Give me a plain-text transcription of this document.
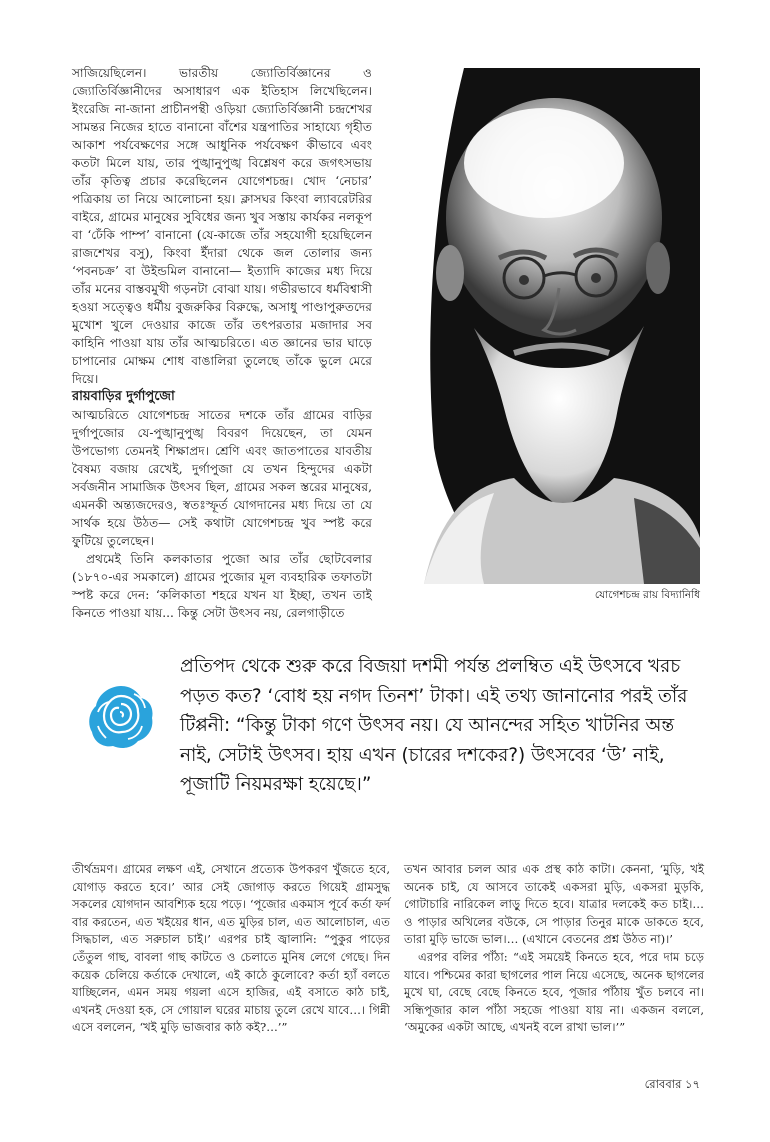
সাজিয়েছিলেন। ভারতীয় জ্যোতির্বিজ্ঞানের ও জ্যোতির্বিজ্ঞানীদের অসাধারণ এক ইতিহাস লিখেছিলেন। ইংরেজি না-জানা প্রাচীনপন্থী ওড়িয়া জ্যোতির্বিজ্ঞানী চন্দ্রশেখর সামন্তর নিজের হাতে বানানো বাঁশের যন্ত্রপাতির সাহায্যে গৃহীত আকাশ পর্যবেক্ষণের সঙ্গে আধুনিক পর্যবেক্ষণ কীভাবে এবং কতটা মিলে যায়, তার পুঙ্খানুপুঙ্খ বিশ্লেষণ করে জগৎসভায় তাঁর কৃতিত্ব প্রচার করেছিলেন যোগেশচন্দ্র। খোদ ‘নেচার’ পত্রিকায় তা নিয়ে আলোচনা হয়। ক্লাসঘর কিংবা ল্যাবরেটরির বাইরে, গ্রামের মানুষের সুবিধের জন্য খুব সস্তায় কার্যকর নলকূপ বা ‘ঢেঁকি পাম্প’ বানানো (যে-কাজে তাঁর সহযোগী হয়েছিলেন রাজশেখর বসু), কিংবা ইঁদারা থেকে জল তোলার জন্য ‘পবনচক্র’ বা উইন্ডমিল বানানো— ইত্যাদি কাজের মধ্য দিয়ে তাঁর মনের বাস্তবমুখী গড়নটা বোঝা যায়। গভীরভাবে ধর্মবিশ্বাসী হওয়া সত্ত্বেও ধর্মীয় বুজরুকির বিরুদ্ধে, অসাধু পাণ্ডাপুরুতদের মুখোশ খুলে দেওয়ার কাজে তাঁর তৎপরতার মজাদার সব কাহিনি পাওয়া যায় তাঁর আত্মচরিতে। এত জ্ঞানের ভার ঘাড়ে চাপানোর মোক্ষম শোধ বাঙালিরা তুলেছে তাঁকে ভুলে মেরে দিয়ে।

রায়বাড়ির দুর্গাপুজো

আত্মচরিতে যোগেশচন্দ্র সাতের দশকে তাঁর গ্রামের বাড়ির দুর্গাপুজোর যে-পুঙ্খানুপুঙ্খ বিবরণ দিয়েছেন, তা যেমন উপভোগ্য তেমনই শিক্ষাপ্রদ। শ্রেণি এবং জাতপাতের যাবতীয় বৈষম্য বজায় রেখেই, দুর্গাপুজা যে তখন হিন্দুদের একটা সর্বজনীন সামাজিক উৎসব ছিল, গ্রামের সকল স্তরের মানুষের, এমনকী অন্ত্যজদেরও, স্বতঃস্ফূর্ত যোগদানের মধ্য দিয়ে তা যে সার্থক হয়ে উঠত— সেই কথাটা যোগেশচন্দ্র খুব স্পষ্ট করে ফুটিয়ে তুলেছেন।

প্রথমেই তিনি কলকাতার পুজো আর তাঁর ছোটবেলার (১৮৭০-এর সমকালে) গ্রামের পুজোর মূল ব্যবহারিক তফাতটা স্পষ্ট করে দেন: ‘কলিকাতা শহরে যখন যা ইচ্ছা, তখন তাই কিনতে পাওয়া যায়... কিন্তু সেটা উৎসব নয়, রেলগাড়ীতে

যোগেশচন্দ্র রায় বিদ্যানিধি

প্রতিপদ থেকে শুরু করে বিজয়া দশমী পর্যন্ত প্রলম্বিত এই উৎসবে খরচ পড়ত কত? ‘বোধ হয় নগদ তিনশ’ টাকা। এই তথ্য জানানোর পরই তাঁর টিপ্পনী: “কিন্তু টাকা গণে উৎসব নয়। যে আনন্দের সহিত খাটনির অন্ত নাই, সেটাই উৎসব। হায় এখন (চারের দশকের?) উৎসবের ‘উ’ নাই, পূজাটি নিয়মরক্ষা হয়েছে।”

তীর্থভ্রমণ। গ্রামের লক্ষণ এই, সেখানে প্রত্যেক উপকরণ খুঁজতে হবে, যোগাড় করতে হবে।’ আর সেই জোগাড় করতে গিয়েই গ্রামসুদ্ধ সকলের যোগদান আবশ্যিক হয়ে পড়ে। ‘পূজোর একমাস পূর্বে কর্তা ফর্দ বার করতেন, এত খইয়ের ধান, এত মুড়ির চাল, এত আলোচাল, এত সিদ্ধচাল, এত সরুচাল চাই।’ এরপর চাই জ্বালানি: “পুকুর পাড়ের তেঁতুল গাছ, বাবলা গাছ কাটতে ও চেলাতে মুনিষ লেগে গেছে। দিন কয়েক চেলিয়ে কর্তাকে দেখালে, এই কাঠে কুলোবে? কর্তা হ্যাঁ বলতে যাচ্ছিলেন, এমন সময় গয়লা এসে হাজির, এই বসাতে কাঠ চাই, এখনই দেওয়া হক, সে গোয়াল ঘরের মাচায় তুলে রেখে যাবে…। গিন্নী এসে বললেন, ‘খই মুড়ি ভাজবার কাঠ কই?…’”

তখন আবার চলল আর এক প্রস্থ কাঠ কাটা। কেননা, ‘মুড়ি, খই অনেক চাই, যে আসবে তাকেই একসরা মুড়ি, একসরা মুড়কি, গোটাচারি নারিকেল লাড়ু দিতে হবে। যাত্রার দলকেই কত চাই।… ও পাড়ার অখিলের বউকে, সে পাড়ার তিনুর মাকে ডাকতে হবে, তারা মুড়ি ভাজে ভাল।… (এখানে বেতনের প্রশ্ন উঠত না)।’

এরপর বলির পাঁঠা: “এই সময়েই কিনতে হবে, পরে দাম চড়ে যাবে। পশ্চিমের কারা ছাগলের পাল নিয়ে এসেছে, অনেক ছাগলের মুখে ঘা, বেছে বেছে কিনতে হবে, পূজার পাঁঠায় খুঁত চলবে না। সন্ধিপূজার কাল পাঁঠা সহজে পাওয়া যায় না। একজন বললে, ‘অমুকের একটা আছে, এখনই বলে রাখা ভাল।’”

রোববার ১৭
